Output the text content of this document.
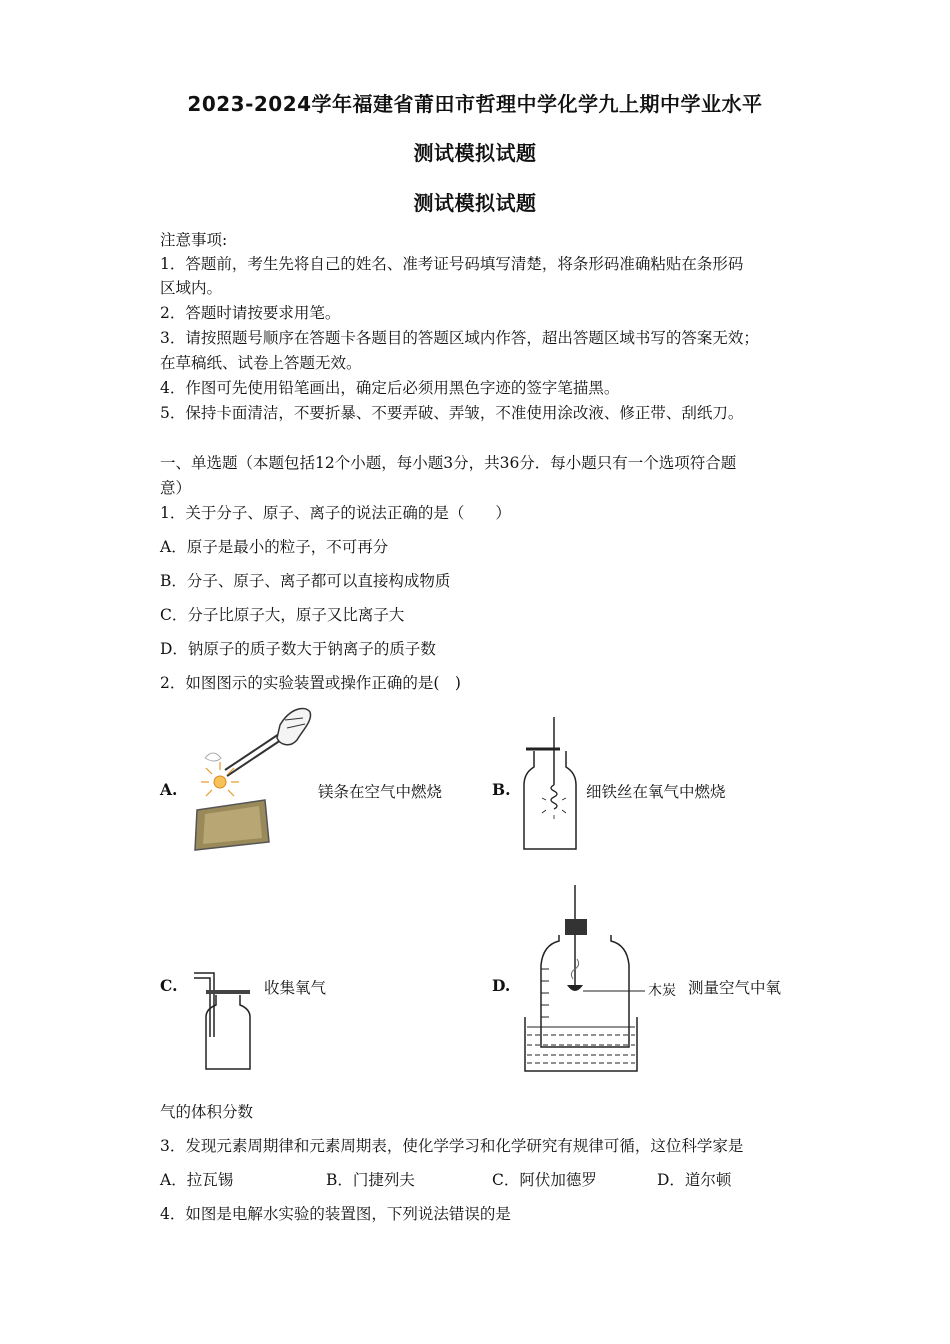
2023-2024学年福建省莆田市哲理中学化学九上期中学业水平
测试模拟试题
测试模拟试题
注意事项:
1．答题前，考生先将自己的姓名、准考证号码填写清楚，将条形码准确粘贴在条形码
区域内。
2．答题时请按要求用笔。
3．请按照题号顺序在答题卡各题目的答题区域内作答，超出答题区域书写的答案无效；
在草稿纸、试卷上答题无效。
4．作图可先使用铅笔画出，确定后必须用黑色字迹的签字笔描黑。
5．保持卡面清洁，不要折暴、不要弄破、弄皱，不准使用涂改液、修正带、刮纸刀。
一、单选题（本题包括12个小题，每小题3分，共36分．每小题只有一个选项符合题
意）
1．关于分子、原子、离子的说法正确的是（　　）
A．原子是最小的粒子，不可再分
B．分子、原子、离子都可以直接构成物质
C．分子比原子大，原子又比离子大
D．钠原子的质子数大于钠离子的质子数
2．如图图示的实验装置或操作正确的是(　)
A.	镁条在空气中燃烧	B.	细铁丝在氧气中燃烧
C.	收集氧气	D.	木炭 测量空气中氧
气的体积分数
3．发现元素周期律和元素周期表，使化学学习和化学研究有规律可循，这位科学家是
A．拉瓦锡	B．门捷列夫	C．阿伏加德罗	D．道尔顿
4．如图是电解水实验的装置图，下列说法错误的是
